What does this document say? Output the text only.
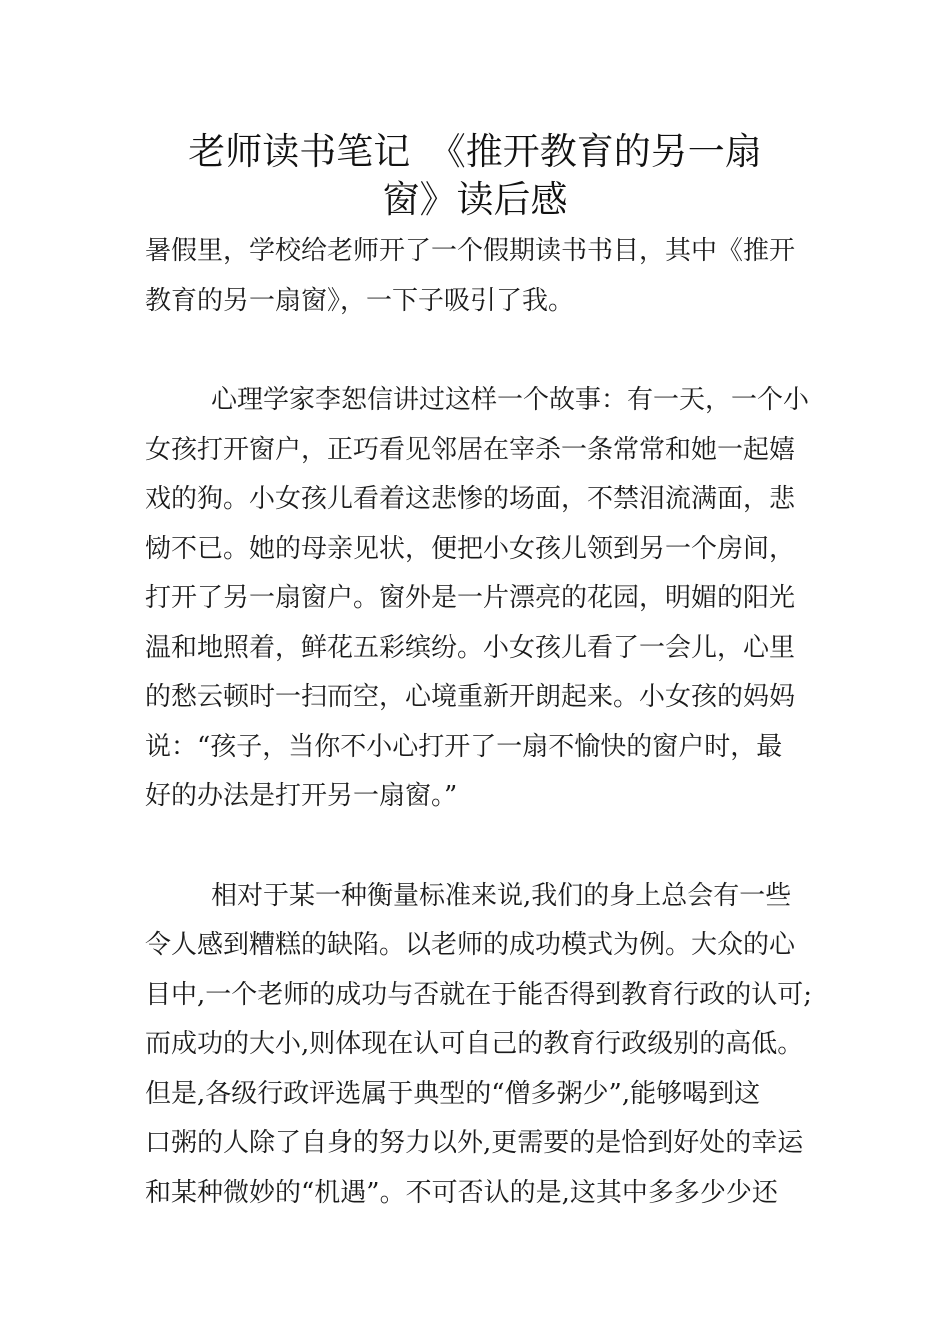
老师读书笔记　《推开教育的另一扇
窗》读后感

暑假里，学校给老师开了一个假期读书书目，其中《推开
教育的另一扇窗》，一下子吸引了我。

心理学家李恕信讲过这样一个故事：有一天，一个小
女孩打开窗户，正巧看见邻居在宰杀一条常常和她一起嬉
戏的狗。小女孩儿看着这悲惨的场面，不禁泪流满面，悲
恸不已。她的母亲见状，便把小女孩儿领到另一个房间，
打开了另一扇窗户。窗外是一片漂亮的花园，明媚的阳光
温和地照着，鲜花五彩缤纷。小女孩儿看了一会儿，心里
的愁云顿时一扫而空，心境重新开朗起来。小女孩的妈妈
说：“孩子，当你不小心打开了一扇不愉快的窗户时，最
好的办法是打开另一扇窗。”

相对于某一种衡量标准来说,我们的身上总会有一些
令人感到糟糕的缺陷。以老师的成功模式为例。大众的心
目中,一个老师的成功与否就在于能否得到教育行政的认可;
而成功的大小,则体现在认可自己的教育行政级别的高低。
但是,各级行政评选属于典型的“僧多粥少”,能够喝到这
口粥的人除了自身的努力以外,更需要的是恰到好处的幸运
和某种微妙的“机遇”。不可否认的是,这其中多多少少还
